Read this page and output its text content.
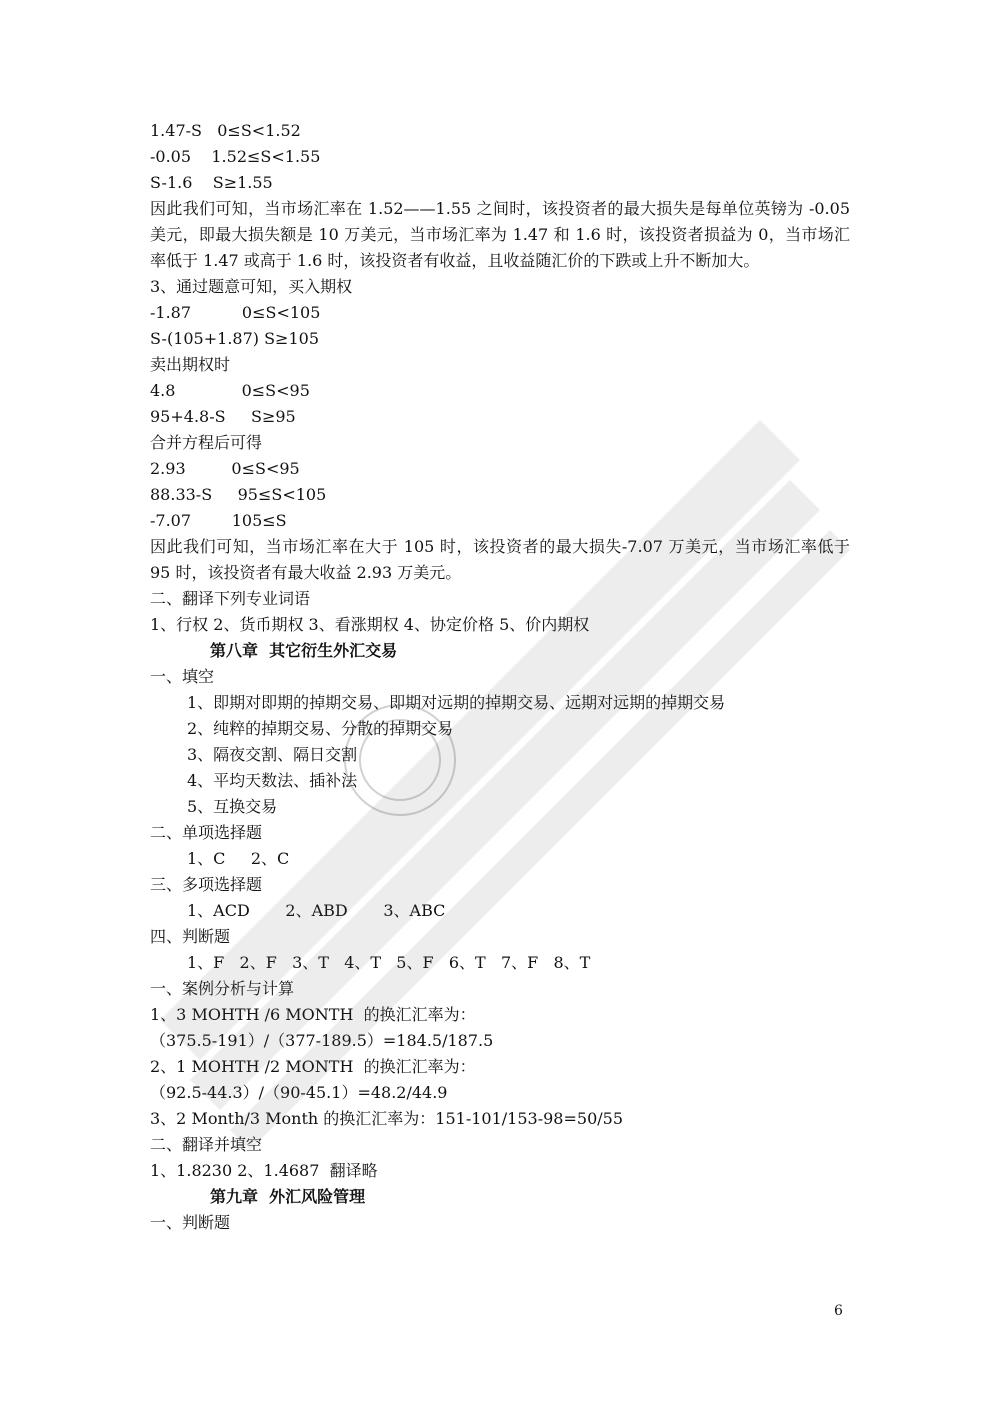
1.47-S   0≤S<1.52
-0.05    1.52≤S<1.55
S-1.6    S≥1.55
因此我们可知，当市场汇率在 1.52——1.55 之间时，该投资者的最大损失是每单位英镑为 -0.05 美元，即最大损失额是 10 万美元，当市场汇率为 1.47 和 1.6 时，该投资者损益为 0，当市场汇率低于 1.47 或高于 1.6 时，该投资者有收益，且收益随汇价的下跌或上升不断加大。
3、通过题意可知，买入期权
-1.87          0≤S<105
S-(105+1.87) S≥105
卖出期权时
4.8             0≤S<95
95+4.8-S     S≥95
合并方程后可得
2.93         0≤S<95
88.33-S     95≤S<105
-7.07        105≤S
因此我们可知，当市场汇率在大于 105 时，该投资者的最大损失-7.07 万美元，当市场汇率低于 95 时，该投资者有最大收益 2.93 万美元。
二、翻译下列专业词语
1、行权 2、货币期权 3、看涨期权 4、协定价格 5、价内期权
第八章  其它衍生外汇交易
一、填空
1、即期对即期的掉期交易、即期对远期的掉期交易、远期对远期的掉期交易
2、纯粹的掉期交易、分散的掉期交易
3、隔夜交割、隔日交割
4、平均天数法、插补法
5、互换交易
二、单项选择题
1、C     2、C
三、多项选择题
1、ACD       2、ABD       3、ABC
四、判断题
1、F   2、F   3、T   4、T   5、F   6、T   7、F   8、T
一、案例分析与计算
1、3 MOHTH /6 MONTH  的换汇汇率为：
（375.5-191）/（377-189.5）=184.5/187.5
2、1 MOHTH /2 MONTH  的换汇汇率为：
（92.5-44.3）/（90-45.1）=48.2/44.9
3、2 Month/3 Month 的换汇汇率为：151-101/153-98=50/55
二、翻译并填空
1、1.8230 2、1.4687  翻译略
第九章  外汇风险管理
一、判断题
6
